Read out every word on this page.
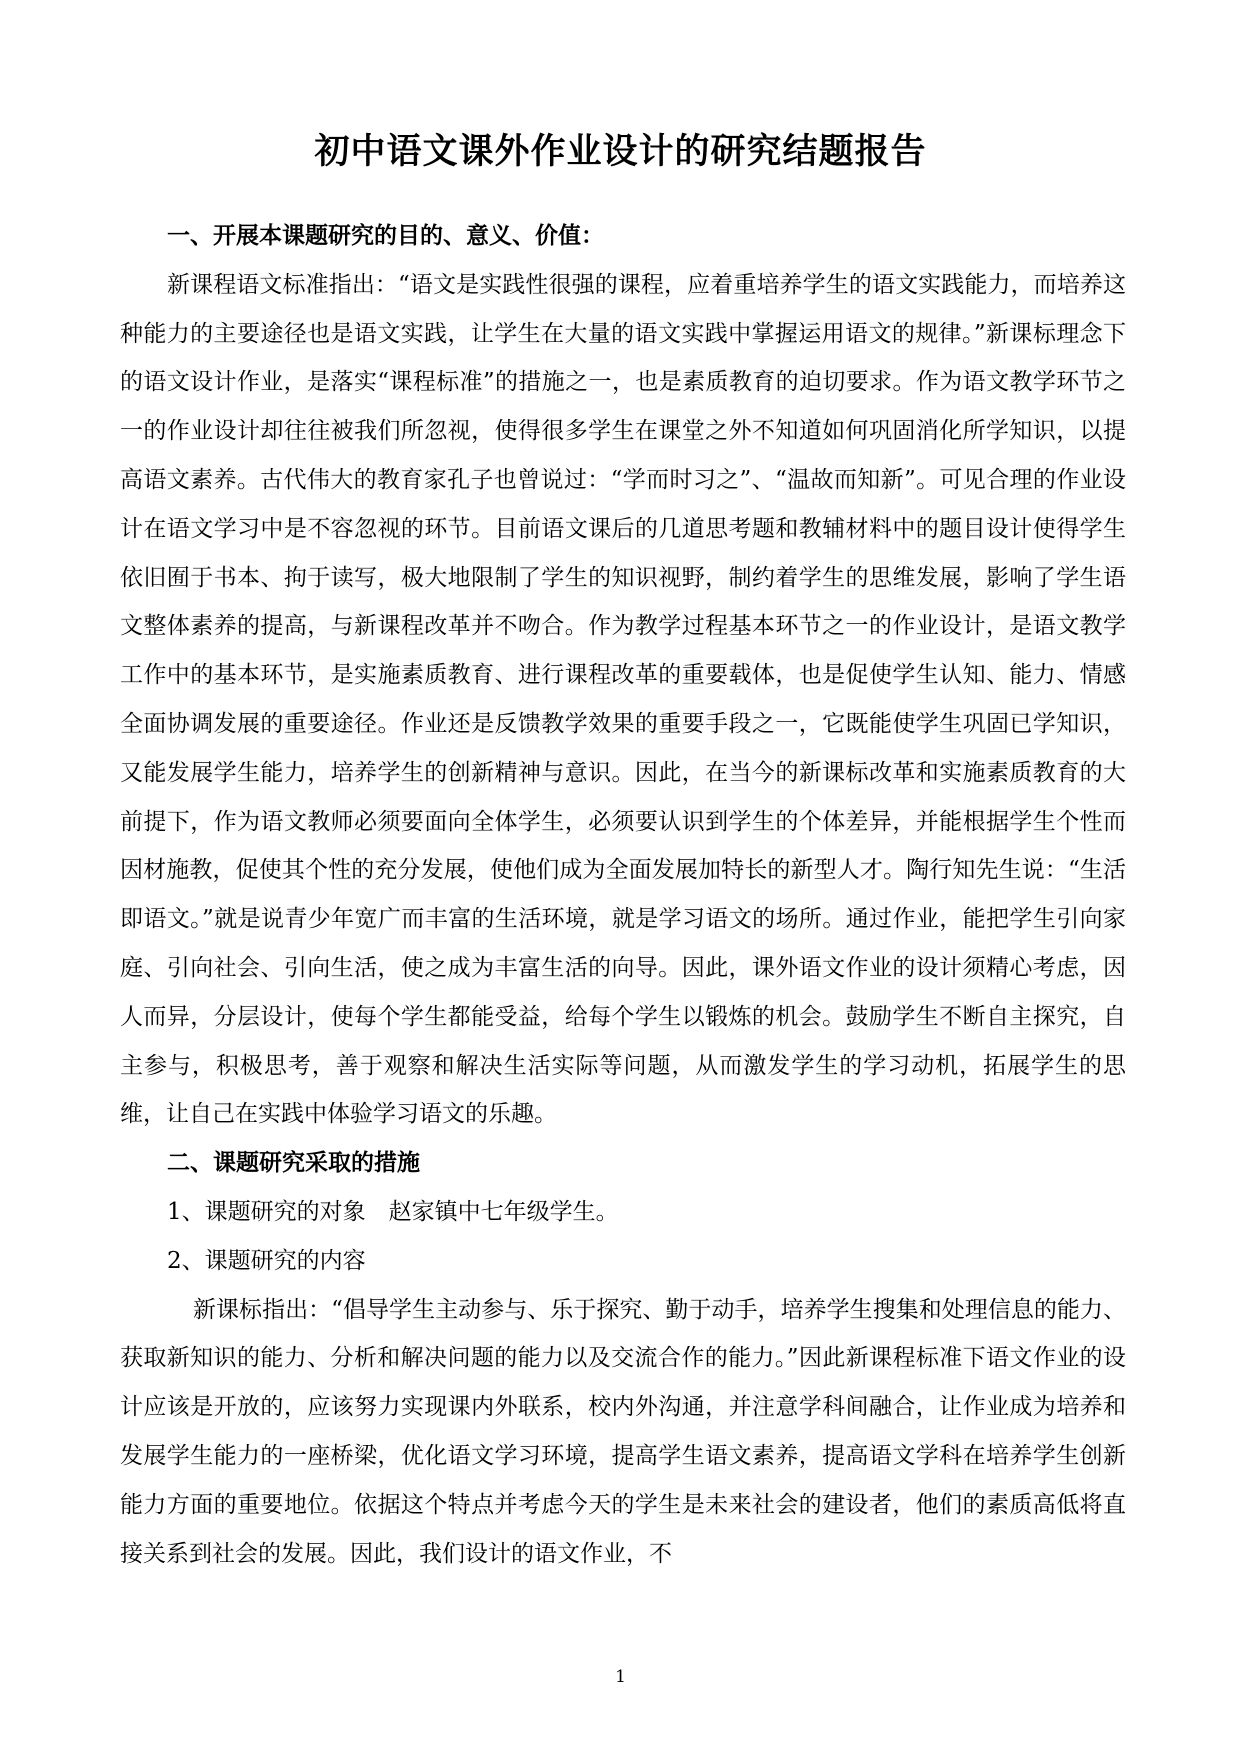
初中语文课外作业设计的研究结题报告

一、开展本课题研究的目的、意义、价值：

新课程语文标准指出：“语文是实践性很强的课程，应着重培养学生的语文实践能力，而培养这种能力的主要途径也是语文实践，让学生在大量的语文实践中掌握运用语文的规律。”新课标理念下的语文设计作业，是落实“课程标准”的措施之一，也是素质教育的迫切要求。作为语文教学环节之一的作业设计却往往被我们所忽视，使得很多学生在课堂之外不知道如何巩固消化所学知识，以提高语文素养。古代伟大的教育家孔子也曾说过：“学而时习之”、“温故而知新”。可见合理的作业设计在语文学习中是不容忽视的环节。目前语文课后的几道思考题和教辅材料中的题目设计使得学生依旧囿于书本、拘于读写，极大地限制了学生的知识视野，制约着学生的思维发展，影响了学生语文整体素养的提高，与新课程改革并不吻合。作为教学过程基本环节之一的作业设计，是语文教学工作中的基本环节，是实施素质教育、进行课程改革的重要载体，也是促使学生认知、能力、情感全面协调发展的重要途径。作业还是反馈教学效果的重要手段之一，它既能使学生巩固已学知识，又能发展学生能力，培养学生的创新精神与意识。因此，在当今的新课标改革和实施素质教育的大前提下，作为语文教师必须要面向全体学生，必须要认识到学生的个体差异，并能根据学生个性而因材施教，促使其个性的充分发展，使他们成为全面发展加特长的新型人才。陶行知先生说：“生活即语文。”就是说青少年宽广而丰富的生活环境，就是学习语文的场所。通过作业，能把学生引向家庭、引向社会、引向生活，使之成为丰富生活的向导。因此，课外语文作业的设计须精心考虑，因人而异，分层设计，使每个学生都能受益，给每个学生以锻炼的机会。鼓励学生不断自主探究，自主参与，积极思考，善于观察和解决生活实际等问题，从而激发学生的学习动机，拓展学生的思维，让自己在实践中体验学习语文的乐趣。

二、课题研究采取的措施

1、课题研究的对象　赵家镇中七年级学生。

2、课题研究的内容

新课标指出：“倡导学生主动参与、乐于探究、勤于动手，培养学生搜集和处理信息的能力、获取新知识的能力、分析和解决问题的能力以及交流合作的能力。”因此新课程标准下语文作业的设计应该是开放的，应该努力实现课内外联系，校内外沟通，并注意学科间融合，让作业成为培养和发展学生能力的一座桥梁，优化语文学习环境，提高学生语文素养，提高语文学科在培养学生创新能力方面的重要地位。依据这个特点并考虑今天的学生是未来社会的建设者，他们的素质高低将直接关系到社会的发展。因此，我们设计的语文作业，不

1
